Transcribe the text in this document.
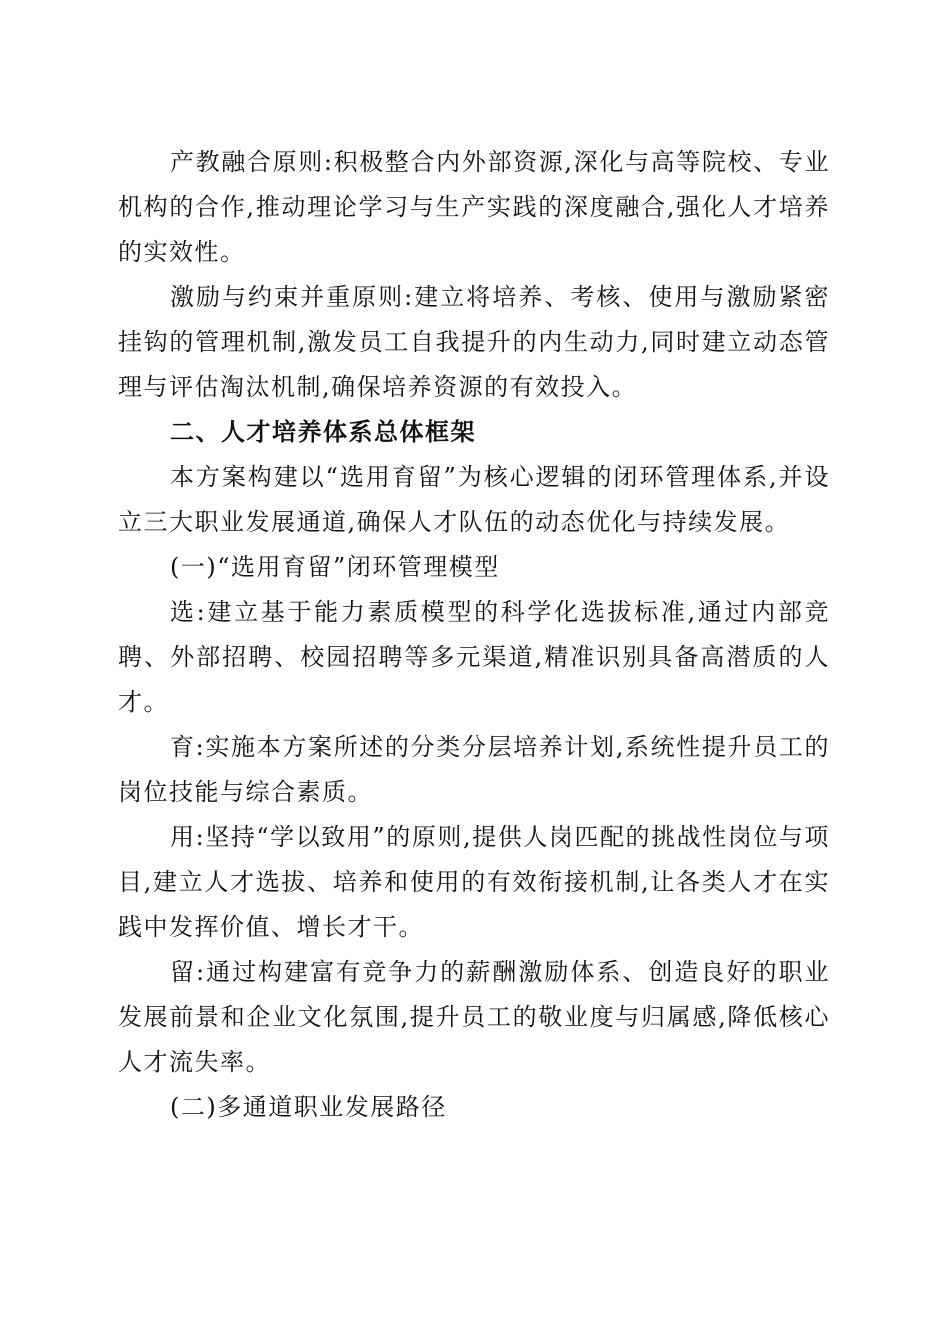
产教融合原则:积极整合内外部资源,深化与高等院校、专业机构的合作,推动理论学习与生产实践的深度融合,强化人才培养的实效性。

激励与约束并重原则:建立将培养、考核、使用与激励紧密挂钩的管理机制,激发员工自我提升的内生动力,同时建立动态管理与评估淘汰机制,确保培养资源的有效投入。

二、人才培养体系总体框架

本方案构建以“选用育留”为核心逻辑的闭环管理体系,并设立三大职业发展通道,确保人才队伍的动态优化与持续发展。

(一)“选用育留”闭环管理模型

选:建立基于能力素质模型的科学化选拔标准,通过内部竞聘、外部招聘、校园招聘等多元渠道,精准识别具备高潜质的人才。

育:实施本方案所述的分类分层培养计划,系统性提升员工的岗位技能与综合素质。

用:坚持“学以致用”的原则,提供人岗匹配的挑战性岗位与项目,建立人才选拔、培养和使用的有效衔接机制,让各类人才在实践中发挥价值、增长才干。

留:通过构建富有竞争力的薪酬激励体系、创造良好的职业发展前景和企业文化氛围,提升员工的敬业度与归属感,降低核心人才流失率。

(二)多通道职业发展路径
